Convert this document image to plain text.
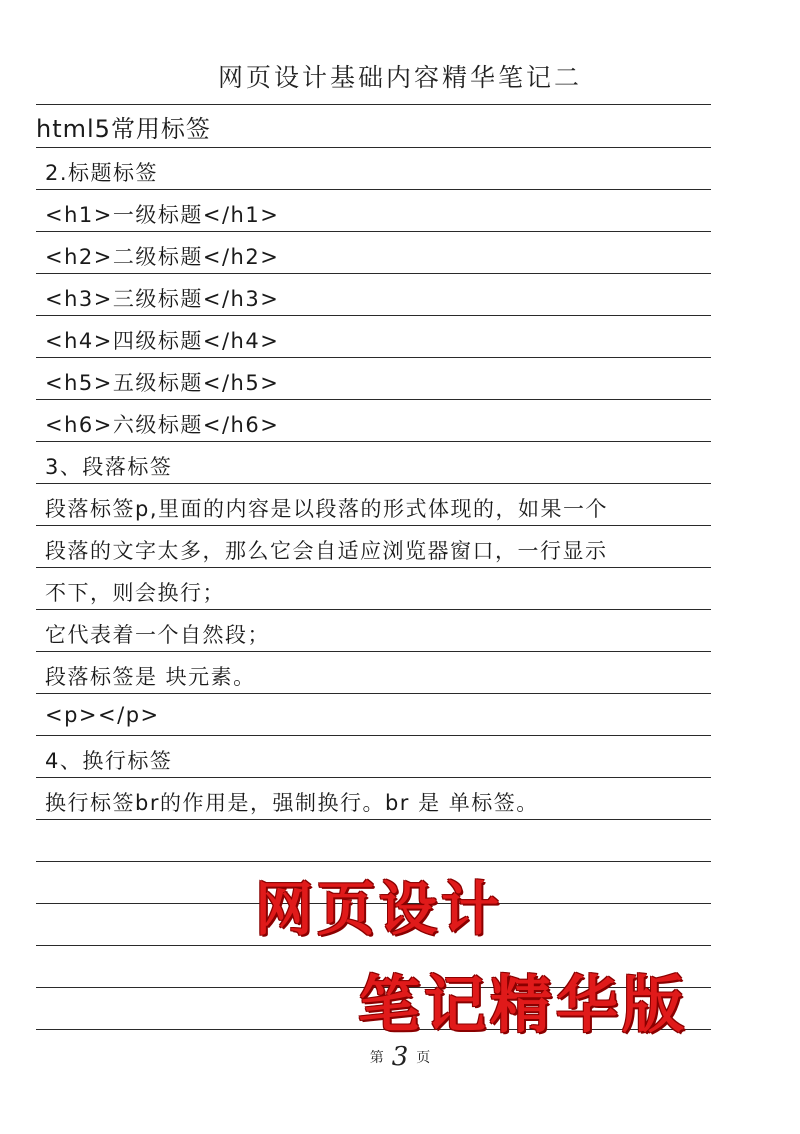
网页设计基础内容精华笔记二
html5常用标签
2.标题标签
<h1>一级标题</h1>
<h2>二级标题</h2>
<h3>三级标题</h3>
<h4>四级标题</h4>
<h5>五级标题</h5>
<h6>六级标题</h6>
3、段落标签
段落标签p,里面的内容是以段落的形式体现的，如果一个
段落的文字太多，那么它会自适应浏览器窗口，一行显示
不下，则会换行；
它代表着一个自然段；
段落标签是 块元素。
<p></p>
4、换行标签
换行标签br的作用是，强制换行。br 是 单标签。
网页设计
笔记精华版
第 3 页
